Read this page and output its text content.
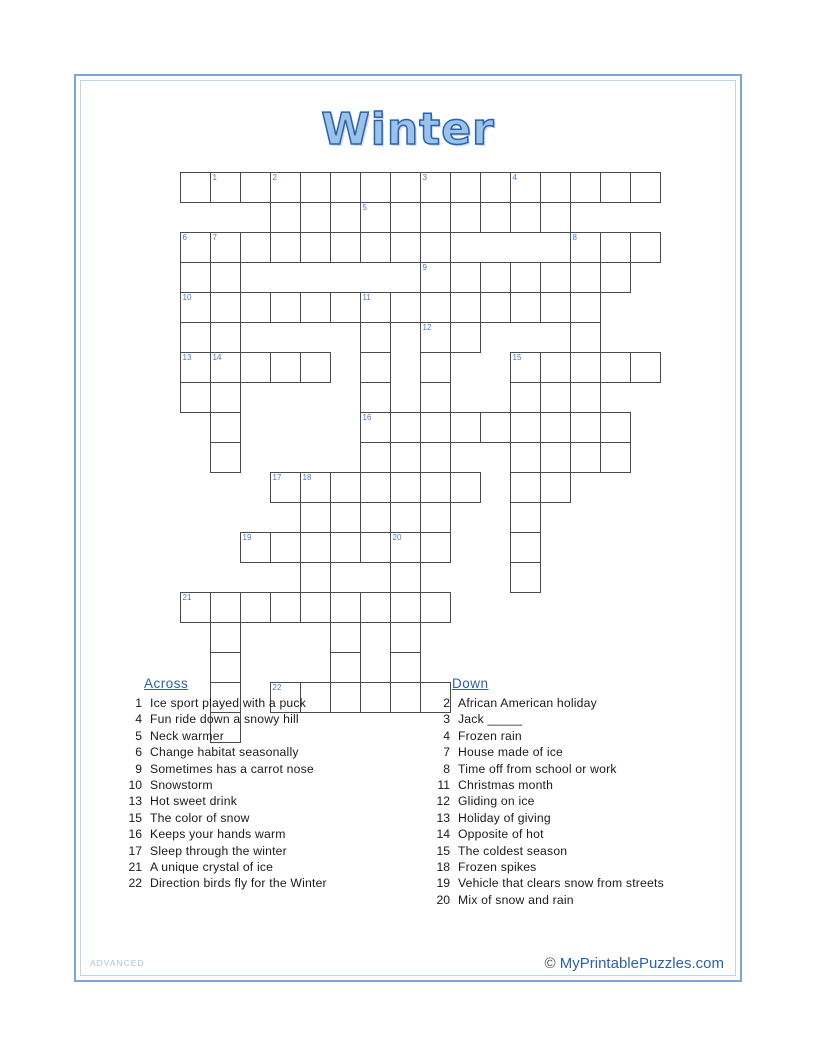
Winter

	1		2					3			4				

						5									

6	7												8		

								9							

10						11									

								12							

13	14										15				

						16									

			17	18											

		19					20								

21															

			22												

Across
1 Ice sport played with a puck
4 Fun ride down a snowy hill
5 Neck warmer
6 Change habitat seasonally
9 Sometimes has a carrot nose
10 Snowstorm
13 Hot sweet drink
15 The color of snow
16 Keeps your hands warm
17 Sleep through the winter
21 A unique crystal of ice
22 Direction birds fly for the Winter
Down
2 African American holiday
3 Jack _____
4 Frozen rain
7 House made of ice
8 Time off from school or work
11 Christmas month
12 Gliding on ice
13 Holiday of giving
14 Opposite of hot
15 The coldest season
18 Frozen spikes
19 Vehicle that clears snow from streets
20 Mix of snow and rain
ADVANCED	© MyPrintablePuzzles.com
